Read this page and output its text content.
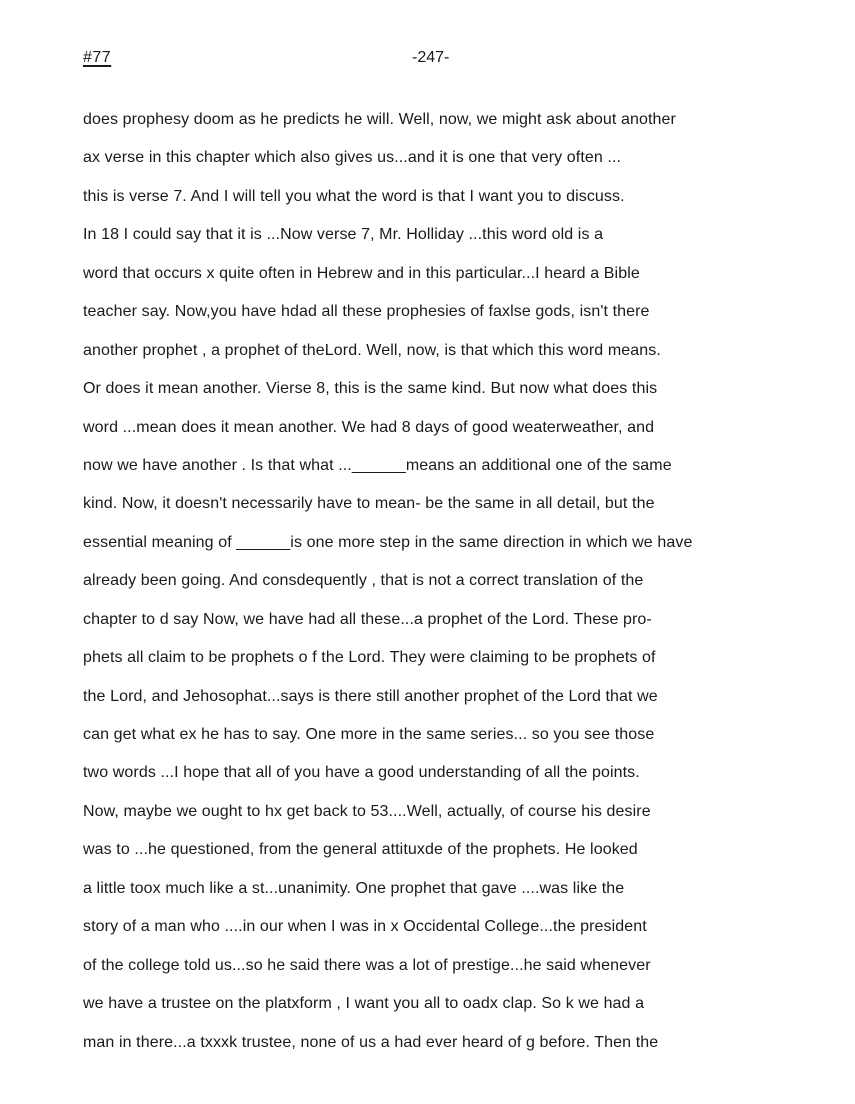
#77	-247-
does prophesy doom as he predicts he will. Well, now, we might ask about another
ax verse in this chapter which also gives us...and it is one that very often ...
this is verse 7. And I will tell you what the word is that I want you to discuss.
In 18 I could say that it is ...Now verse 7, Mr. Holliday ...this word old is a
word that occurs x quite often in Hebrew and in this particular...I heard a Bible
teacher say. Now,you have hdad all these prophesies of faxlse gods, isn't there
another prophet , a prophet of theLord. Well, now, is that which this word means.
Or does it mean another. Vierse 8, this is the same kind. But now what does this
word ...mean does it mean another. We had 8 days of good weaterweather, and
now we have another . Is that what ...______means an additional one of the same
kind. Now, it doesn't necessarily have to mean- be the same in all detail, but the
essential meaning of ______is one more step in the same direction in which we have
already been going. And consdequently , that is not a correct translation of the
chapter to d say Now, we have had all these...a prophet of the Lord. These pro-
phets all claim to be prophets o f the Lord. They were claiming to be prophets of
the Lord, and Jehosophat...says is there still another prophet of the Lord that we
can get what ex he has to say. One more in the same series... so you see those
two words ...I hope that all of you have a good understanding of all the points.
Now, maybe we ought to hx get back to 53....Well, actually, of course his desire
was to ...he questioned, from the general attituxde of the prophets. He looked
a little toox much like a st...unanimity. One prophet that gave ....was like the
story of a man who ....in our when I was in x Occidental College...the president
of the college told us...so he said there was a lot of prestige...he said whenever
we have a trustee on the platxform , I want you all to oadx clap. So k we had a
man in there...a txxxk trustee, none of us a had ever heard of g before. Then the
